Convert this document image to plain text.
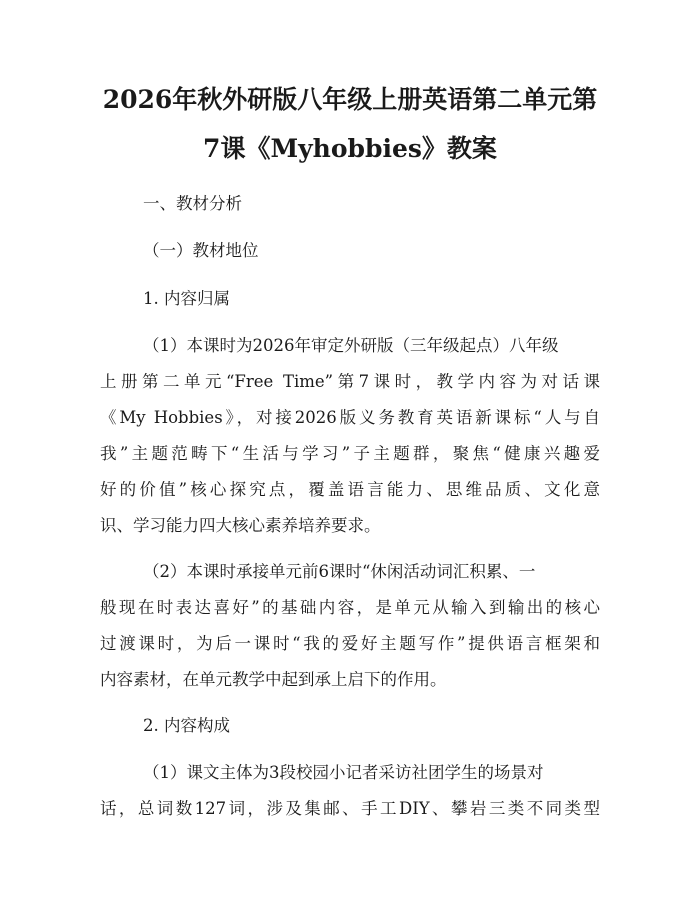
2026年秋外研版八年级上册英语第二单元第
7课《Myhobbies》教案
一、教材分析
（一）教材地位
1. 内容归属
（1）本课时为2026年审定外研版（三年级起点）八年级
上册第二单元“Free Time”第7课时，教学内容为对话课
《My Hobbies》，对接2026版义务教育英语新课标“人与自
我”主题范畴下“生活与学习”子主题群，聚焦“健康兴趣爱
好的价值”核心探究点，覆盖语言能力、思维品质、文化意
识、学习能力四大核心素养培养要求。
（2）本课时承接单元前6课时“休闲活动词汇积累、一
般现在时表达喜好”的基础内容，是单元从输入到输出的核心
过渡课时，为后一课时“我的爱好主题写作”提供语言框架和
内容素材，在单元教学中起到承上启下的作用。
2. 内容构成
（1）课文主体为3段校园小记者采访社团学生的场景对
话，总词数127词，涉及集邮、手工DIY、攀岩三类不同类型
